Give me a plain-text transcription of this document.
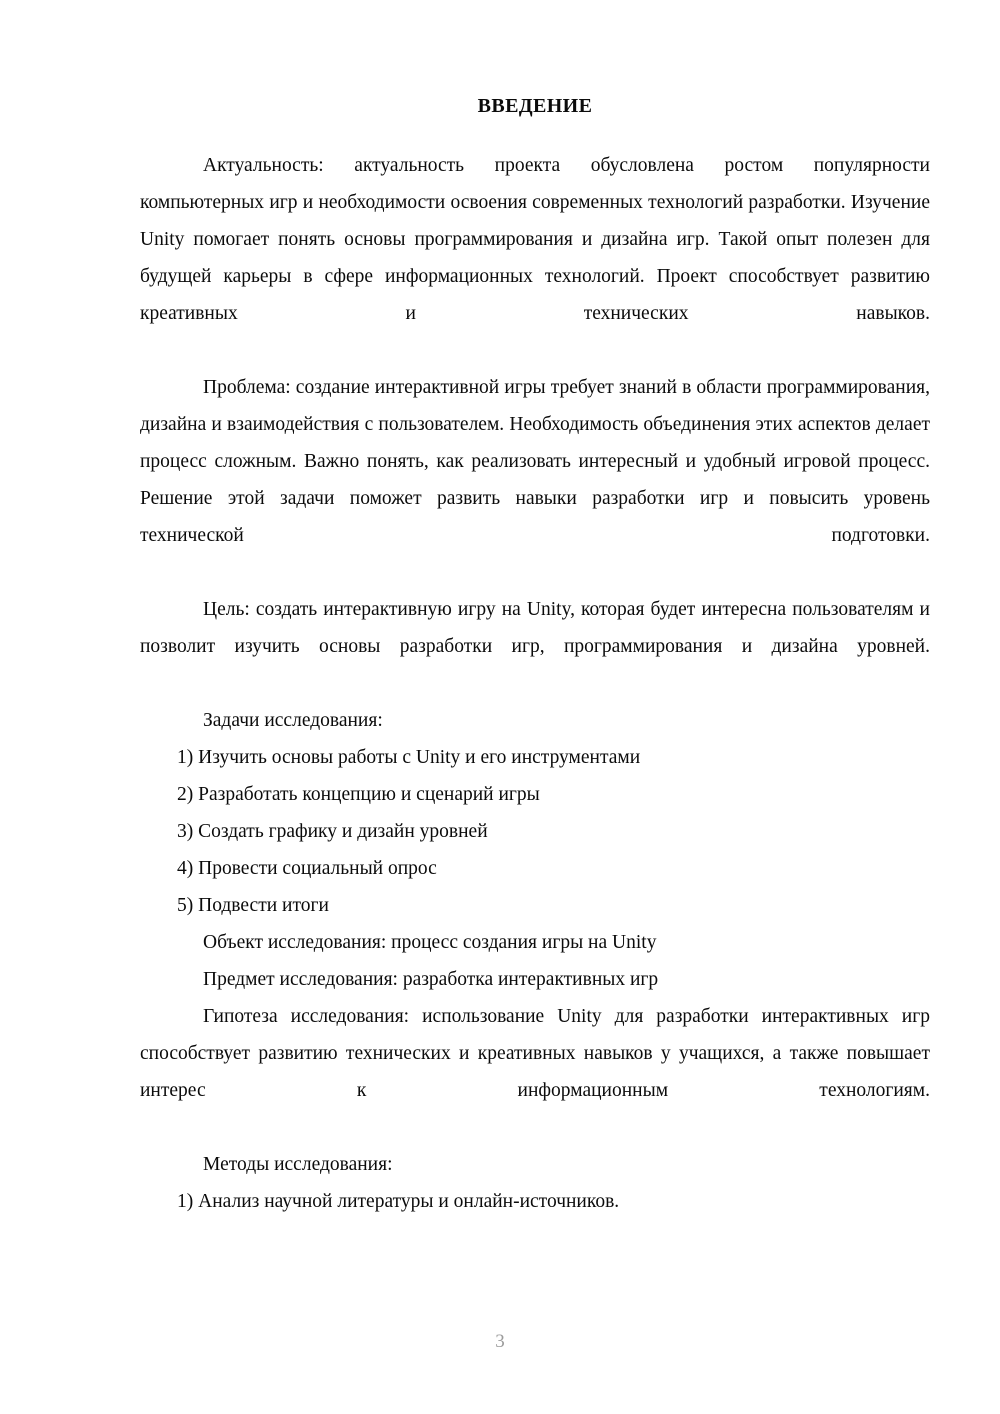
ВВЕДЕНИЕ

Актуальность: актуальность проекта обусловлена ростом популярности компьютерных игр и необходимости освоения современных технологий разработки. Изучение Unity помогает понять основы программирования и дизайна игр. Такой опыт полезен для будущей карьеры в сфере информационных технологий. Проект способствует развитию креативных и технических навыков.

Проблема: создание интерактивной игры требует знаний в области программирования, дизайна и взаимодействия с пользователем. Необходимость объединения этих аспектов делает процесс сложным. Важно понять, как реализовать интересный и удобный игровой процесс. Решение этой задачи поможет развить навыки разработки игр и повысить уровень технической подготовки.

Цель: создать интерактивную игру на Unity, которая будет интересна пользователям и позволит изучить основы разработки игр, программирования и дизайна уровней.

Задачи исследования:

1) Изучить основы работы с Unity и его инструментами
2) Разработать концепцию и сценарий игры
3) Создать графику и дизайн уровней
4) Провести социальный опрос
5) Подвести итоги

Объект исследования: процесс создания игры на Unity

Предмет исследования: разработка интерактивных игр

Гипотеза исследования: использование Unity для разработки интерактивных игр способствует развитию технических и креативных навыков у учащихся, а также повышает интерес к информационным технологиям.

Методы исследования:

1) Анализ научной литературы и онлайн-источников.
3
